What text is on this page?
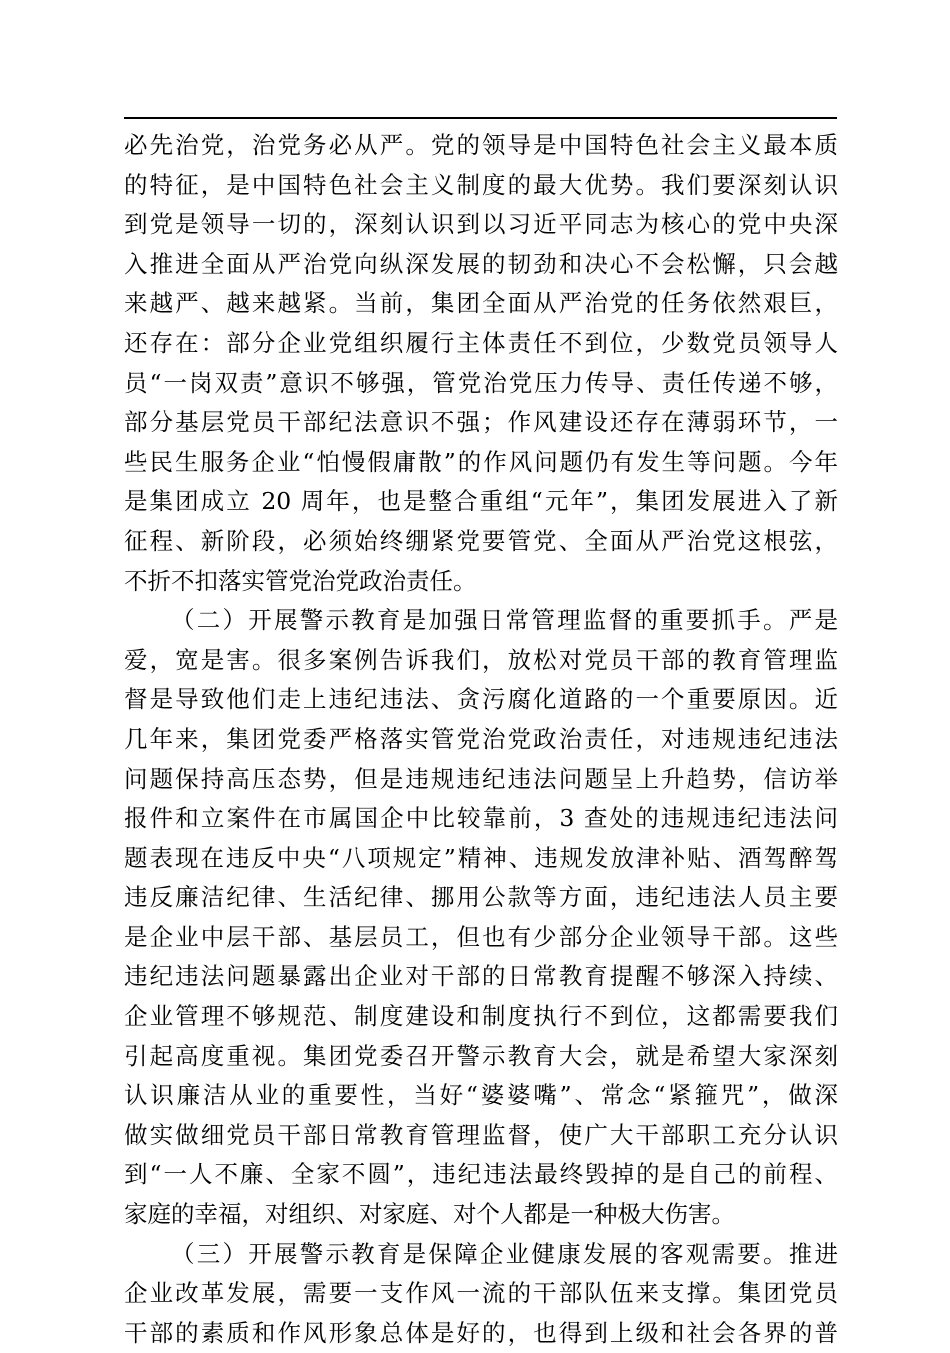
必先治党，治党务必从严。党的领导是中国特色社会主义最本质
的特征，是中国特色社会主义制度的最大优势。我们要深刻认识
到党是领导一切的，深刻认识到以习近平同志为核心的党中央深
入推进全面从严治党向纵深发展的韧劲和决心不会松懈，只会越
来越严、越来越紧。当前，集团全面从严治党的任务依然艰巨，
还存在：部分企业党组织履行主体责任不到位，少数党员领导人
员“一岗双责”意识不够强，管党治党压力传导、责任传递不够，
部分基层党员干部纪法意识不强；作风建设还存在薄弱环节，一
些民生服务企业“怕慢假庸散”的作风问题仍有发生等问题。今年
是集团成立 20 周年，也是整合重组“元年”，集团发展进入了新
征程、新阶段，必须始终绷紧党要管党、全面从严治党这根弦，
不折不扣落实管党治党政治责任。
（二）开展警示教育是加强日常管理监督的重要抓手。严是
爱，宽是害。很多案例告诉我们，放松对党员干部的教育管理监
督是导致他们走上违纪违法、贪污腐化道路的一个重要原因。近
几年来，集团党委严格落实管党治党政治责任，对违规违纪违法
问题保持高压态势，但是违规违纪违法问题呈上升趋势，信访举
报件和立案件在市属国企中比较靠前，3 查处的违规违纪违法问
题表现在违反中央“八项规定”精神、违规发放津补贴、酒驾醉驾
违反廉洁纪律、生活纪律、挪用公款等方面，违纪违法人员主要
是企业中层干部、基层员工，但也有少部分企业领导干部。这些
违纪违法问题暴露出企业对干部的日常教育提醒不够深入持续、
企业管理不够规范、制度建设和制度执行不到位，这都需要我们
引起高度重视。集团党委召开警示教育大会，就是希望大家深刻
认识廉洁从业的重要性，当好“婆婆嘴”、常念“紧箍咒”，做深
做实做细党员干部日常教育管理监督，使广大干部职工充分认识
到“一人不廉、全家不圆”，违纪违法最终毁掉的是自己的前程、
家庭的幸福，对组织、对家庭、对个人都是一种极大伤害。
（三）开展警示教育是保障企业健康发展的客观需要。推进
企业改革发展，需要一支作风一流的干部队伍来支撑。集团党员
干部的素质和作风形象总体是好的，也得到上级和社会各界的普
